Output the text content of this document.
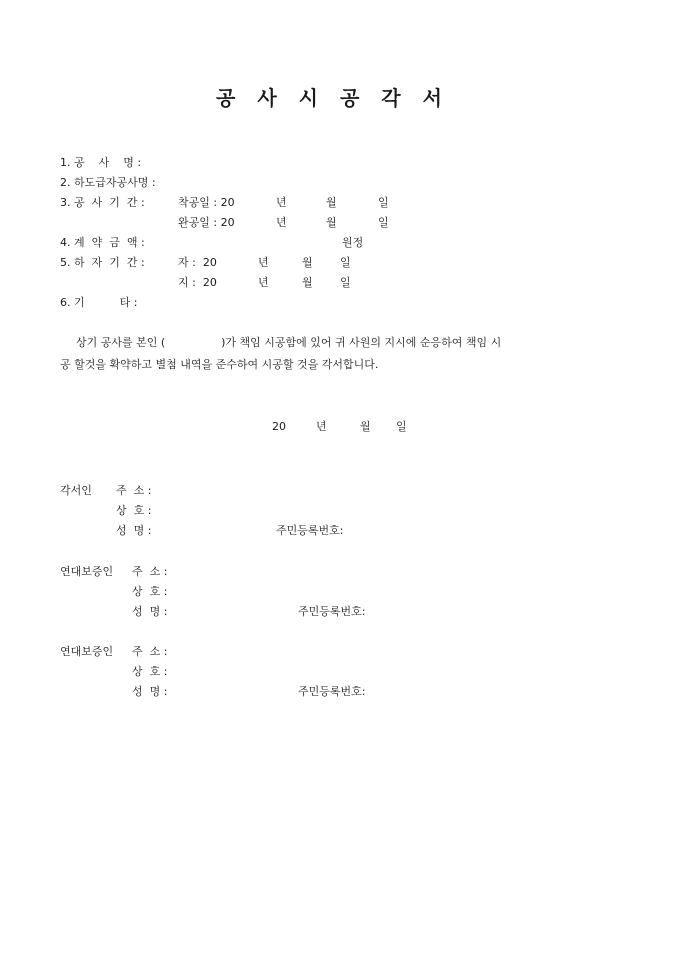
공사시공각서
1. 공    사    명 :
2. 하도급자공사명 :
3. 공  사  기  간 :	착공일 : 20	년	월	일
완공일 : 20	년	월	일
4. 계  약  금  액 :	원정
5. 하  자  기  간 :	자 :  20	년	월 일
지 :  20	년	월 일
6. 기          타 :
상기 공사를 본인 (                )가 책임 시공함에 있어 귀 사원의 지시에 순응하여 책임 시
공 할것을 확약하고 별첨 내역을 준수하여 시공할 것을 각서합니다.
20	년	월 일
각서인 주  소 :
상  호 :
성  명 :	주민등록번호:
연대보증인 주  소 :
상  호 :
성  명 :	주민등록번호:
연대보증인 주  소 :
상  호 :
성  명 :	주민등록번호:
